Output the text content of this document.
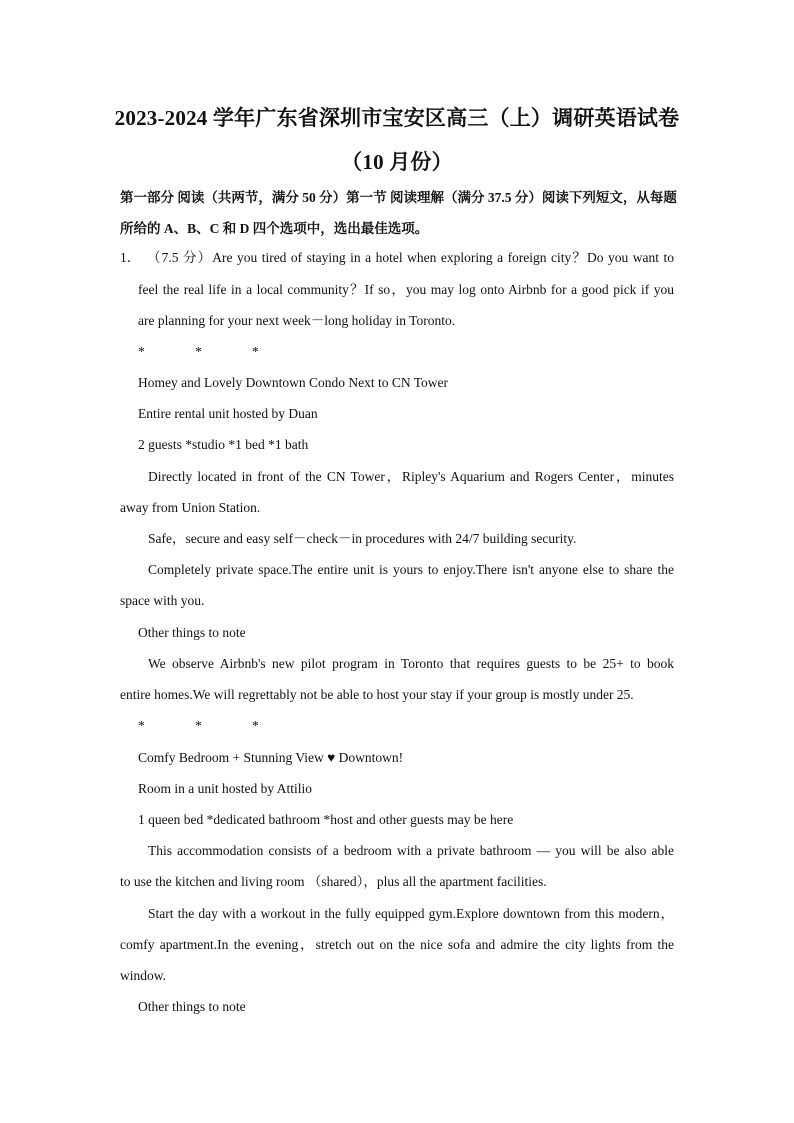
2023-2024 学年广东省深圳市宝安区高三（上）调研英语试卷（10 月份）
第一部分 阅读（共两节，满分 50 分）第一节 阅读理解（满分 37.5 分）阅读下列短文，从每题所给的 A、B、C 和 D 四个选项中，选出最佳选项。
1． （7.5 分）Are you tired of staying in a hotel when exploring a foreign city？Do you want to
feel the real life in a local community？If so，you may log onto Airbnb for a good pick if you
are planning for your next week－long holiday in Toronto.
*	*	*
Homey and Lovely Downtown Condo Next to CN Tower
Entire rental unit hosted by Duan
2 guests *studio *1 bed *1 bath
Directly located in front of the CN Tower，Ripley's Aquarium and Rogers Center，minutes
away from Union Station.
Safe，secure and easy self－check－in procedures with 24/7 building security.
Completely private space.The entire unit is yours to enjoy.There isn't anyone else to share the
space with you.
Other things to note
We observe Airbnb's new pilot program in Toronto that requires guests to be 25+ to book
entire homes.We will regrettably not be able to host your stay if your group is mostly under 25.
*	*	*
Comfy Bedroom + Stunning View ♥ Downtown!
Room in a unit hosted by Attilio
1 queen bed *dedicated bathroom *host and other guests may be here
This accommodation consists of a bedroom with a private bathroom — you will be also able
to use the kitchen and living room （shared），plus all the apartment facilities.
Start the day with a workout in the fully equipped gym.Explore downtown from this modern，
comfy apartment.In the evening，stretch out on the nice sofa and admire the city lights from the
window.
Other things to note
